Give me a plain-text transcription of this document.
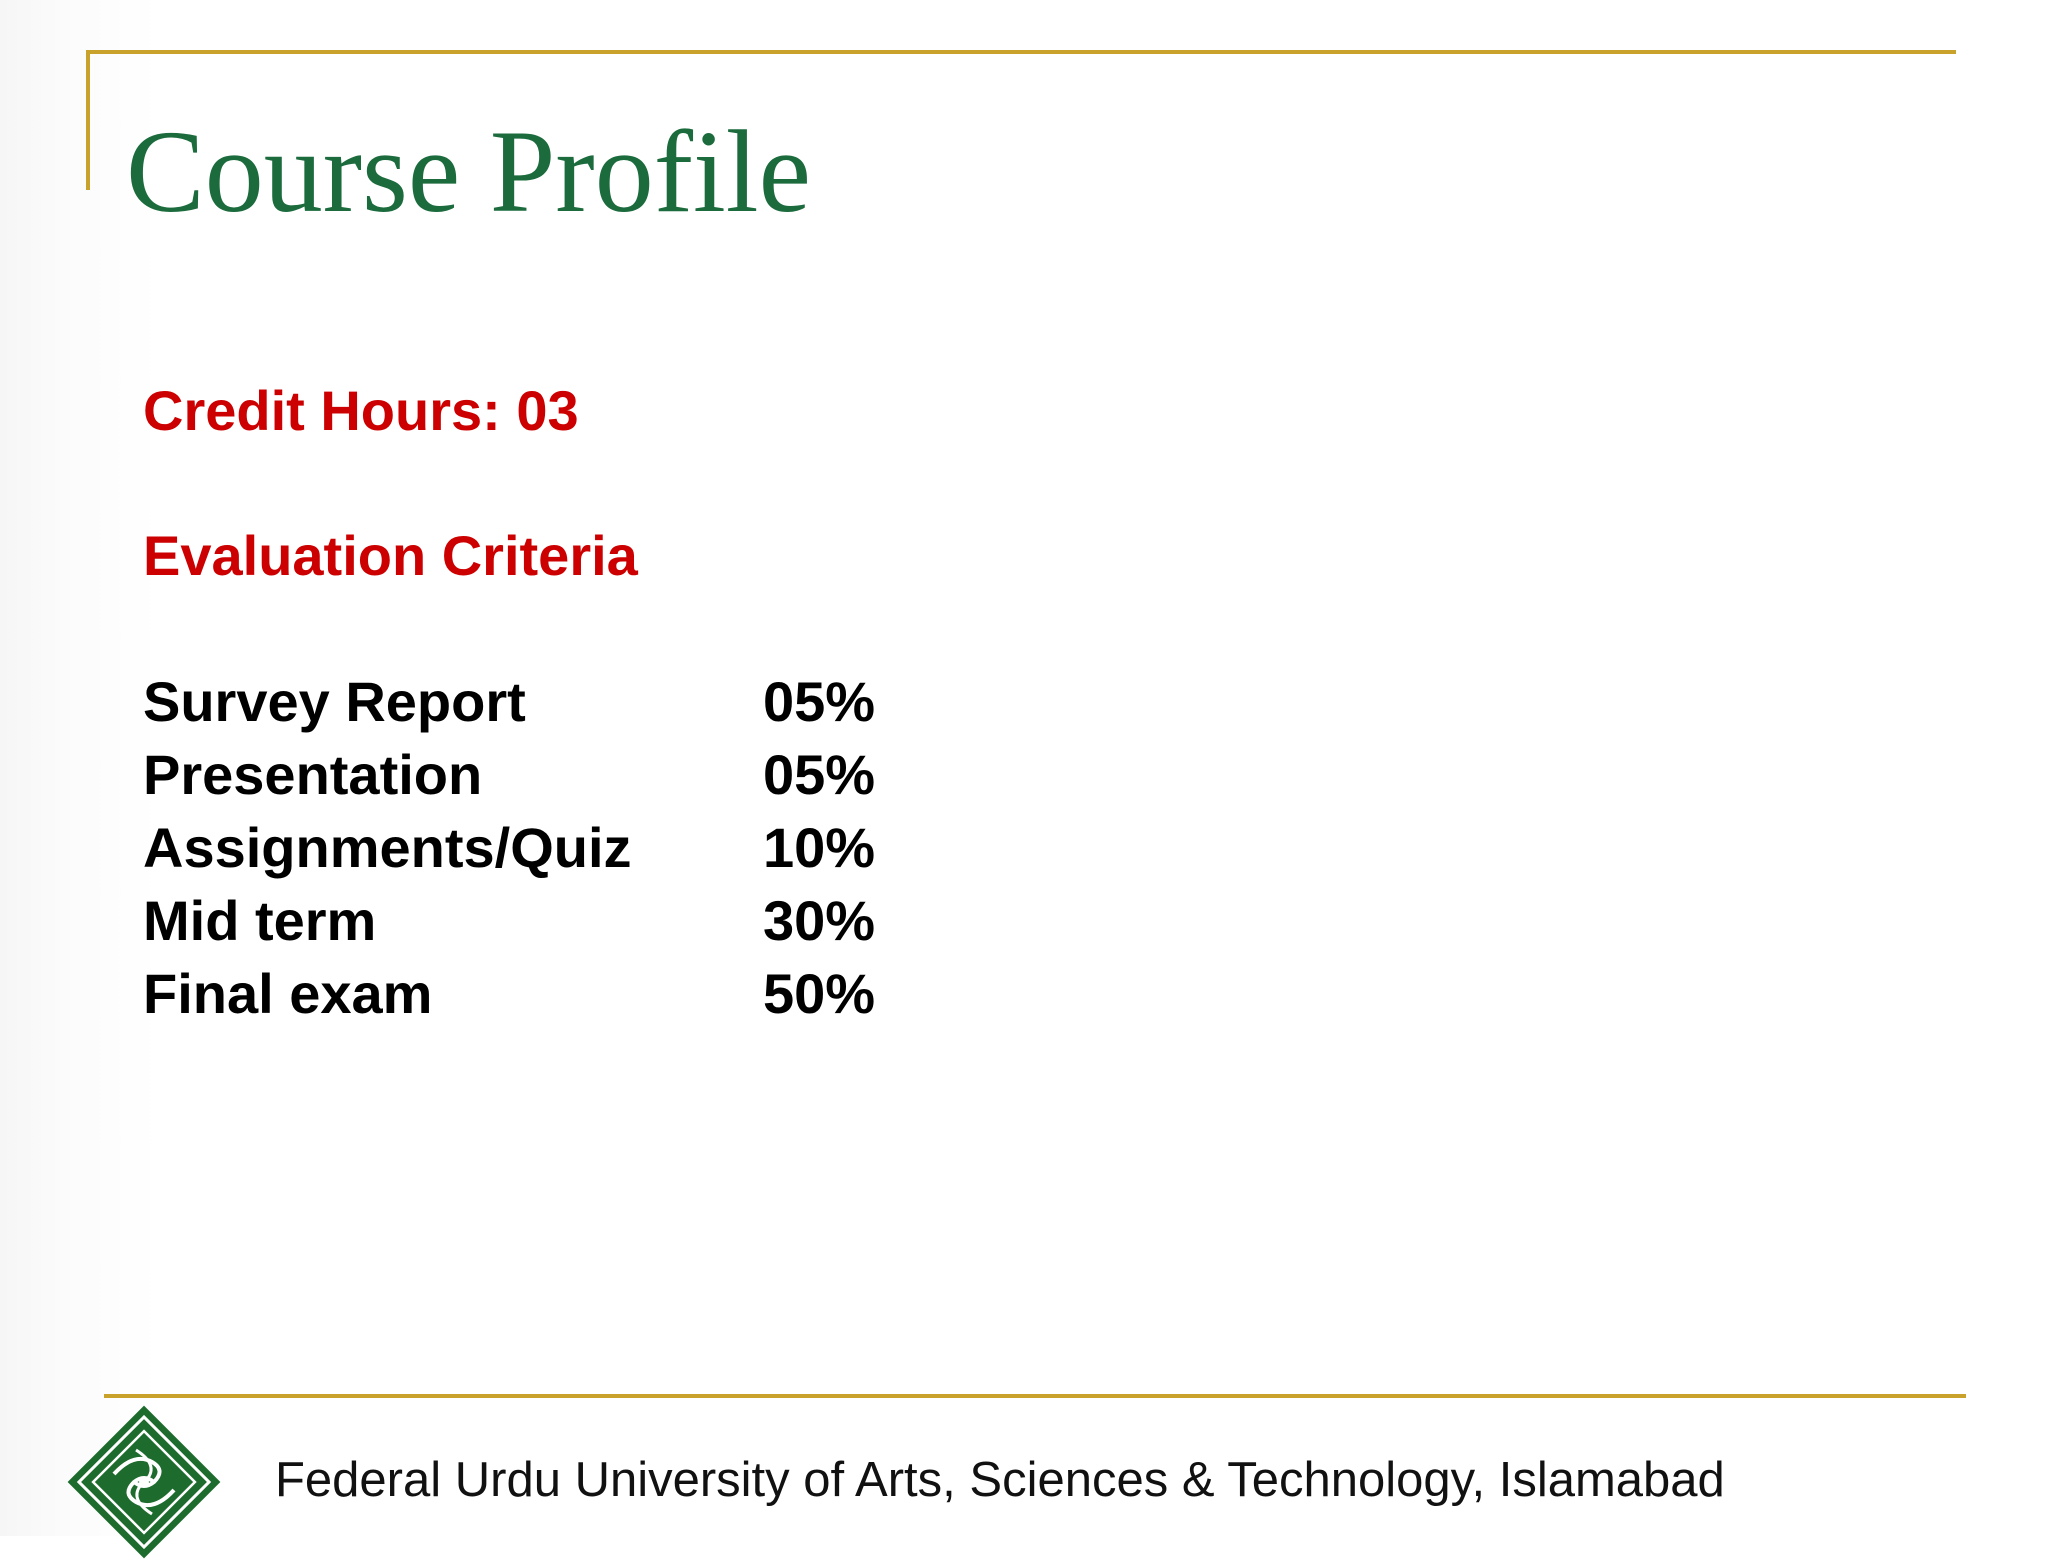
Course Profile
Credit Hours: 03
Evaluation Criteria
Survey Report	05%
Presentation	05%
Assignments/Quiz 10%
Mid term	30%
Final exam	50%
Federal Urdu University of Arts, Sciences & Technology, Islamabad
